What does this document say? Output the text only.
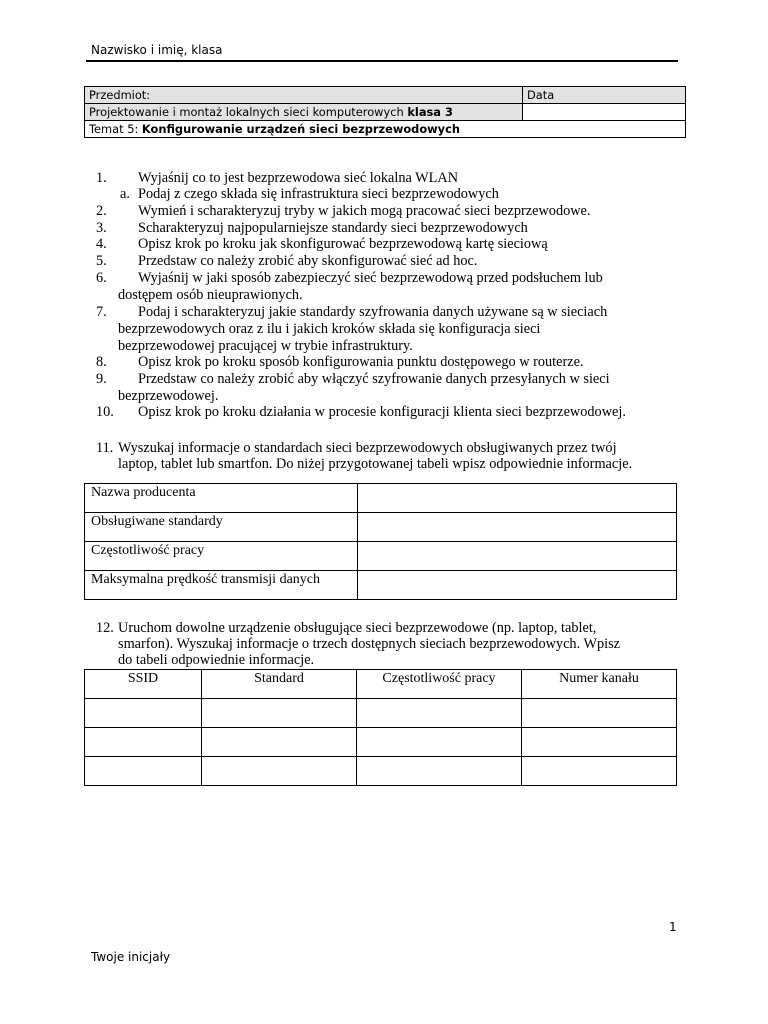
Nazwisko i imię, klasa
Przedmiot:	Data
Projektowanie i montaż lokalnych sieci komputerowych klasa 3	
Temat 5: Konfigurowanie urządzeń sieci bezprzewodowych	
1. Wyjaśnij co to jest bezprzewodowa sieć lokalna WLAN
a. Podaj z czego składa się infrastruktura sieci bezprzewodowych
2. Wymień i scharakteryzuj tryby w jakich mogą pracować sieci bezprzewodowe.
3. Scharakteryzuj najpopularniejsze standardy sieci bezprzewodowych
4. Opisz krok po kroku jak skonfigurować bezprzewodową kartę sieciową
5. Przedstaw co należy zrobić aby skonfigurować sieć ad hoc.
6. Wyjaśnij w jaki sposób zabezpieczyć sieć bezprzewodową przed podsłuchem lub
dostępem osób nieuprawionych.
7. Podaj i scharakteryzuj jakie standardy szyfrowania danych używane są w sieciach
bezprzewodowych oraz z ilu i jakich kroków składa się konfiguracja sieci
bezprzewodowej pracującej w trybie infrastruktury.
8. Opisz krok po kroku sposób konfigurowania punktu dostępowego w routerze.
9. Przedstaw co należy zrobić aby włączyć szyfrowanie danych przesyłanych w sieci
bezprzewodowej.
10. Opisz krok po kroku działania w procesie konfiguracji klienta sieci bezprzewodowej.
11. Wyszukaj informacje o standardach sieci bezprzewodowych obsługiwanych przez twój
laptop, tablet lub smartfon. Do niżej przygotowanej tabeli wpisz odpowiednie informacje.
Nazwa producenta	
Obsługiwane standardy	
Częstotliwość pracy	
Maksymalna prędkość transmisji danych	
12. Uruchom dowolne urządzenie obsługujące sieci bezprzewodowe (np. laptop, tablet,
smarfon). Wyszukaj informacje o trzech dostępnych sieciach bezprzewodowych. Wpisz
do tabeli odpowiednie informacje.
SSID	Standard	Częstotliwość pracy	Numer kanału

1
Twoje inicjały
